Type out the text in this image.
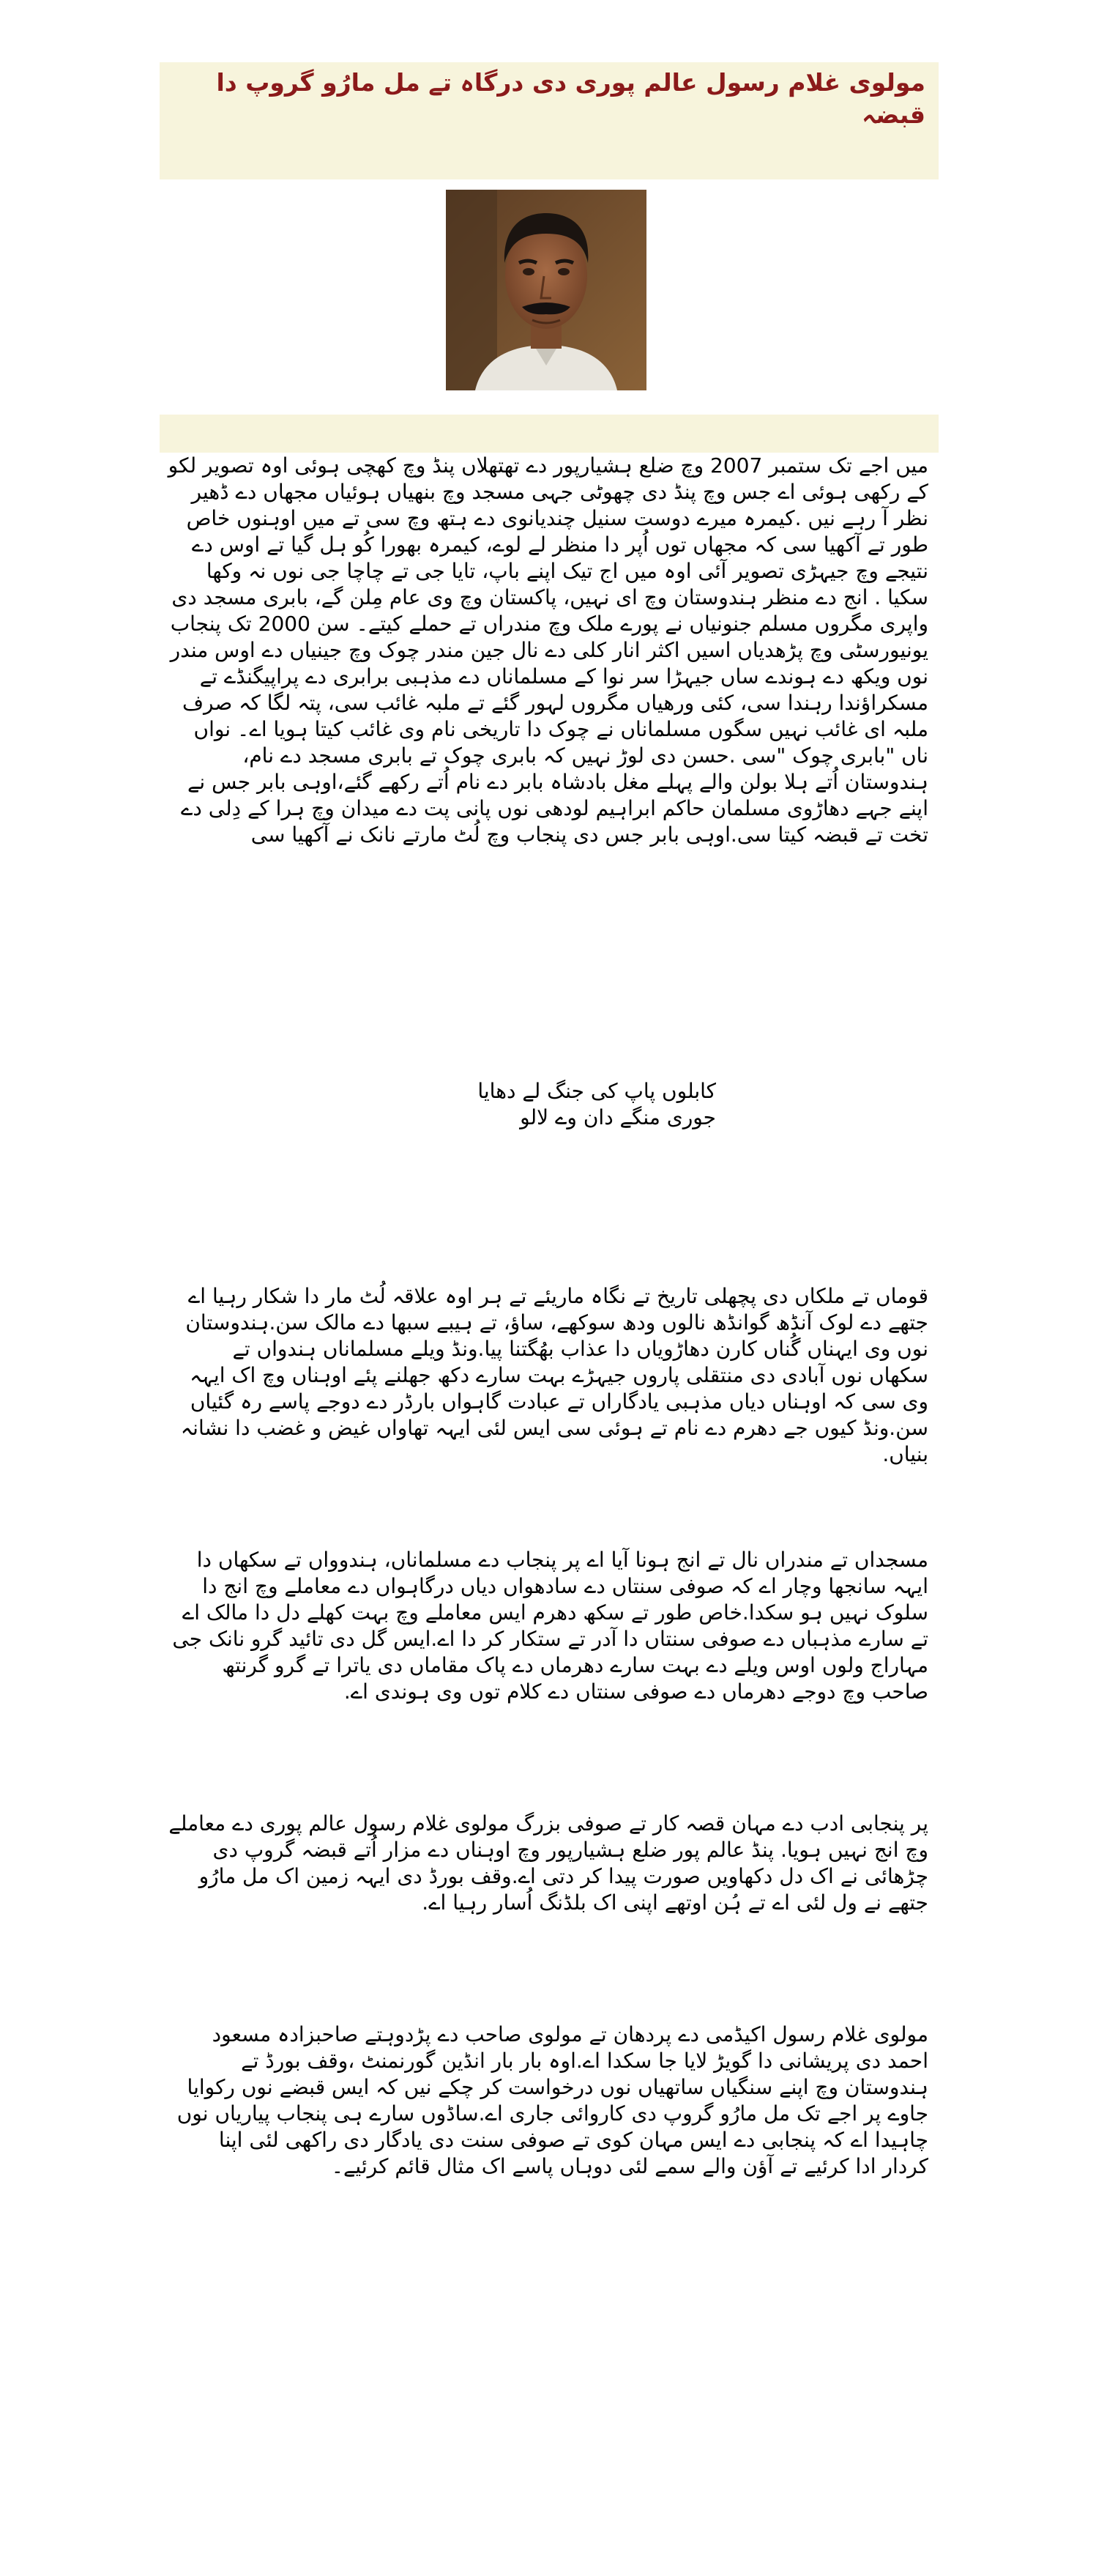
مولوی غلام رسول عالم پوری دی درگاہ تے مل مارُو گروپ دا قبضہ

میں اجے تک ستمبر 2007 وچ ضلع ہشیارپور دے تھتھلاں پنڈ وچ کھچی ہوئی اوہ تصویر لکو کے رکھی ہوئی اے جس وچ پنڈ دی چھوٹی جہی مسجد وچ بنھیاں ہوئیاں مجھاں دے ڈھیر نظر آ رہے نیں .کیمرہ میرے دوست سنیل چندیانوی دے ہتھ وچ سی تے میں اوہنوں خاص طور تے آکھیا سی کہ مجھاں توں اُپر دا منظر لے لوے، کیمرہ بھورا کُو ہل گیا تے اوس دے نتیجے وچ جیہڑی تصویر آئی اوہ میں اج تیک اپنے باپ، تایا جی تے چاچا جی نوں نہ وکھا سکیا . انج دے منظر ہندوستان وچ ای نہیں، پاکستان وچ وی عام مِلن گے، بابری مسجد دی واپری مگروں مسلم جنونیاں نے پورے ملک وچ مندراں تے حملے کیتے۔ سن 2000 تک پنجاب یونیورسٹی وچ پڑھدیاں اسیں اکثر انار کلی دے نال جین مندر چوک وچ جینیاں دے اوس مندر نوں ویکھ دے ہوندے ساں جیہڑا سر نوا کے مسلماناں دے مذہبی برابری دے پراپیگنڈے تے مسکراؤندا رہندا سی، کئی ورھیاں مگروں لہور گئے تے ملبہ غائب سی، پتہ لگا کہ صرف ملبہ ای غائب نہیں سگوں مسلماناں نے چوک دا تاریخی نام وی غائب کیتا ہویا اے۔ نواں ناں "بابری چوک "سی .حسن دی لوڑ نہیں کہ بابری چوک تے بابری مسجد دے نام، ہندوستان اُتے ہلا بولن والے پہلے مغل بادشاہ بابر دے نام اُتے رکھے گئے،اوہی بابر جس نے اپنے جہے دھاڑوی مسلمان حاکم ابراہیم لودھی نوں پانی پت دے میدان وچ ہرا کے دِلی دے تخت تے قبضہ کیتا سی.اوہی بابر جس دی پنجاب وچ لُٹ مارتے نانک نے آکھیا سی

کابلوں پاپ کی جنگ لے دھایا

جوری منگے دان وے لالو

قوماں تے ملکاں دی پچھلی تاریخ تے نگاہ ماریئے تے ہر اوہ علاقہ لُٹ مار دا شکار رہیا اے جتھے دے لوک آنڈھ گوانڈھ نالوں ودھ سوکھے، ساؤ، تے ہیبے سبھا دے مالک سن.ہندوستان نوں وی ایہناں گُناں کارن دھاڑویاں دا عذاب بھُگتنا پیا.ونڈ ویلے مسلماناں ہندواں تے سکھاں نوں آبادی دی منتقلی پاروں جیہڑے بہت سارے دکھ جھلنے پئے اوہناں وچ اک ایہہ وی سی کہ اوہناں دیاں مذہبی یادگاراں تے عبادت گاہواں بارڈر دے دوجے پاسے رہ گئیاں سن.ونڈ کیوں جے دھرم دے نام تے ہوئی سی ایس لئی ایہہ تھاواں غیض و غضب دا نشانہ بنیاں.

مسجداں تے مندراں نال تے انج ہونا آیا اے پر پنجاب دے مسلماناں، ہندوواں تے سکھاں دا ایہہ سانجھا وچار اے کہ صوفی سنتاں دے سادھواں دیاں درگاہواں دے معاملے وچ انج دا سلوک نہیں ہو سکدا.خاص طور تے سکھ دھرم ایس معاملے وچ بہت کھلے دل دا مالک اے تے سارے مذہباں دے صوفی سنتاں دا آدر تے ستکار کر دا اے.ایس گل دی تائید گرو نانک جی مہاراج ولوں اوس ویلے دے بہت سارے دھرماں دے پاک مقاماں دی یاترا تے گرو گرنتھ صاحب وچ دوجے دھرماں دے صوفی سنتاں دے کلام توں وی ہوندی اے.

پر پنجابی ادب دے مہان قصہ کار تے صوفی بزرگ مولوی غلام رسول عالم پوری دے معاملے وچ انج نہیں ہویا. پنڈ عالم پور ضلع ہشیارپور وچ اوہناں دے مزار اُتے قبضہ گروپ دی چڑھائی نے اک دل دکھاویں صورت پیدا کر دتی اے.وقف بورڈ دی ایہہ زمین اک مل مارُو جتھے نے ول لئی اے تے ہُن اوتھے اپنی اک بلڈنگ اُسار رہیا اے.

مولوی غلام رسول اکیڈمی دے پردھان تے مولوی صاحب دے پڑدوہتے صاحبزادہ مسعود احمد دی پریشانی دا گویڑ لایا جا سکدا اے.اوہ بار بار انڈین گورنمنٹ ،وقف بورڈ تے ہندوستان وچ اپنے سنگیاں ساتھیاں نوں درخواست کر چکے نیں کہ ایس قبضے نوں رکوایا جاوے پر اجے تک مل مارُو گروپ دی کاروائی جاری اے.ساڈوں سارے ہی پنجاب پیاریاں نوں چاہیدا اے کہ پنجابی دے ایس مہان کوی تے صوفی سنت دی یادگار دی راکھی لئی اپنا کردار ادا کرئیے تے آؤن والے سمے لئی دوہاں پاسے اک مثال قائم کرئیے۔
